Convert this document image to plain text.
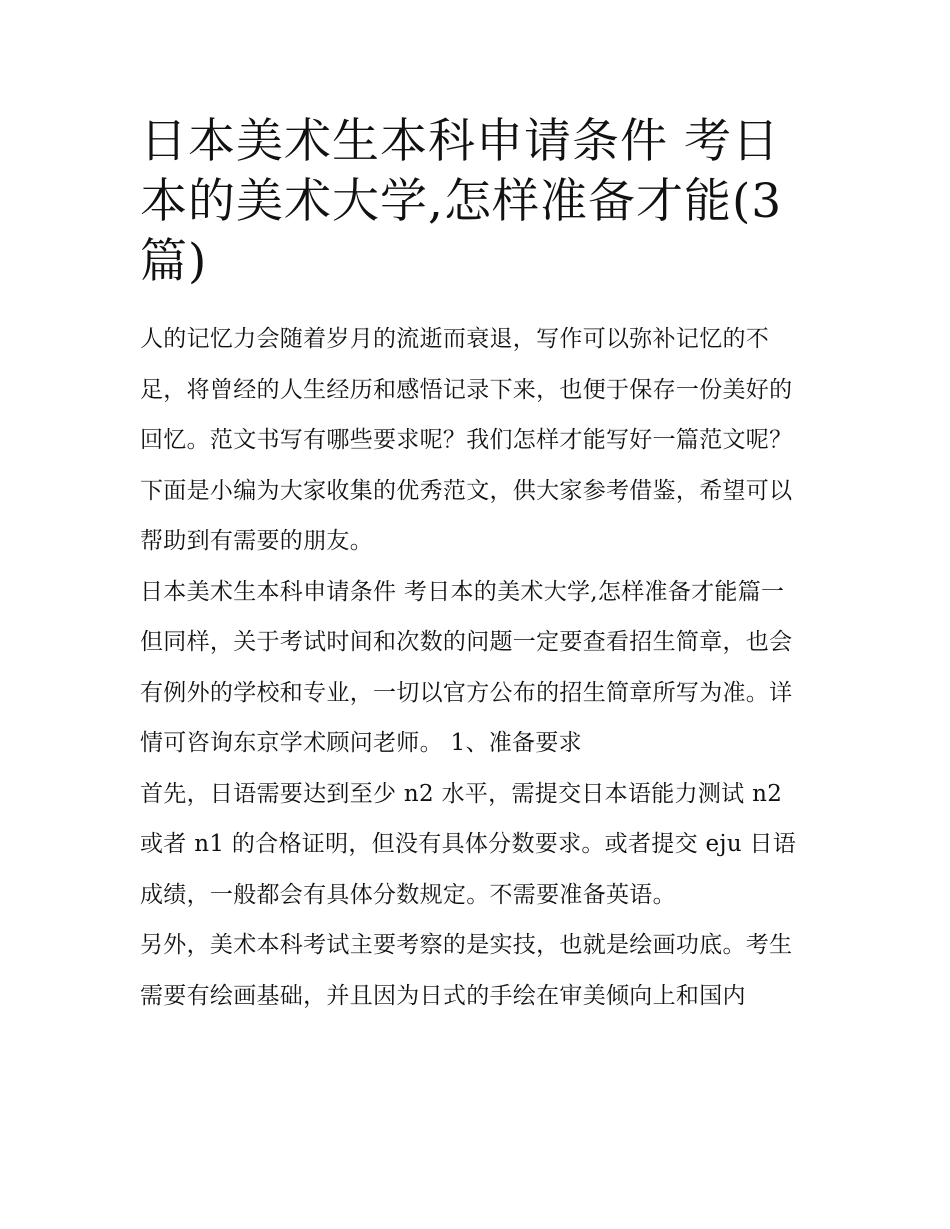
日本美术生本科申请条件 考日本的美术大学,怎样准备才能(3篇)

人的记忆力会随着岁月的流逝而衰退，写作可以弥补记忆的不足，将曾经的人生经历和感悟记录下来，也便于保存一份美好的回忆。范文书写有哪些要求呢？我们怎样才能写好一篇范文呢？下面是小编为大家收集的优秀范文，供大家参考借鉴，希望可以帮助到有需要的朋友。

日本美术生本科申请条件 考日本的美术大学,怎样准备才能篇一

但同样，关于考试时间和次数的问题一定要查看招生简章，也会有例外的学校和专业，一切以官方公布的招生简章所写为准。详情可咨询东京学术顾问老师。 1、准备要求

首先，日语需要达到至少 n2 水平，需提交日本语能力测试 n2 或者 n1 的合格证明，但没有具体分数要求。或者提交 eju 日语成绩，一般都会有具体分数规定。不需要准备英语。

另外，美术本科考试主要考察的是实技，也就是绘画功底。考生需要有绘画基础，并且因为日式的手绘在审美倾向上和国内
